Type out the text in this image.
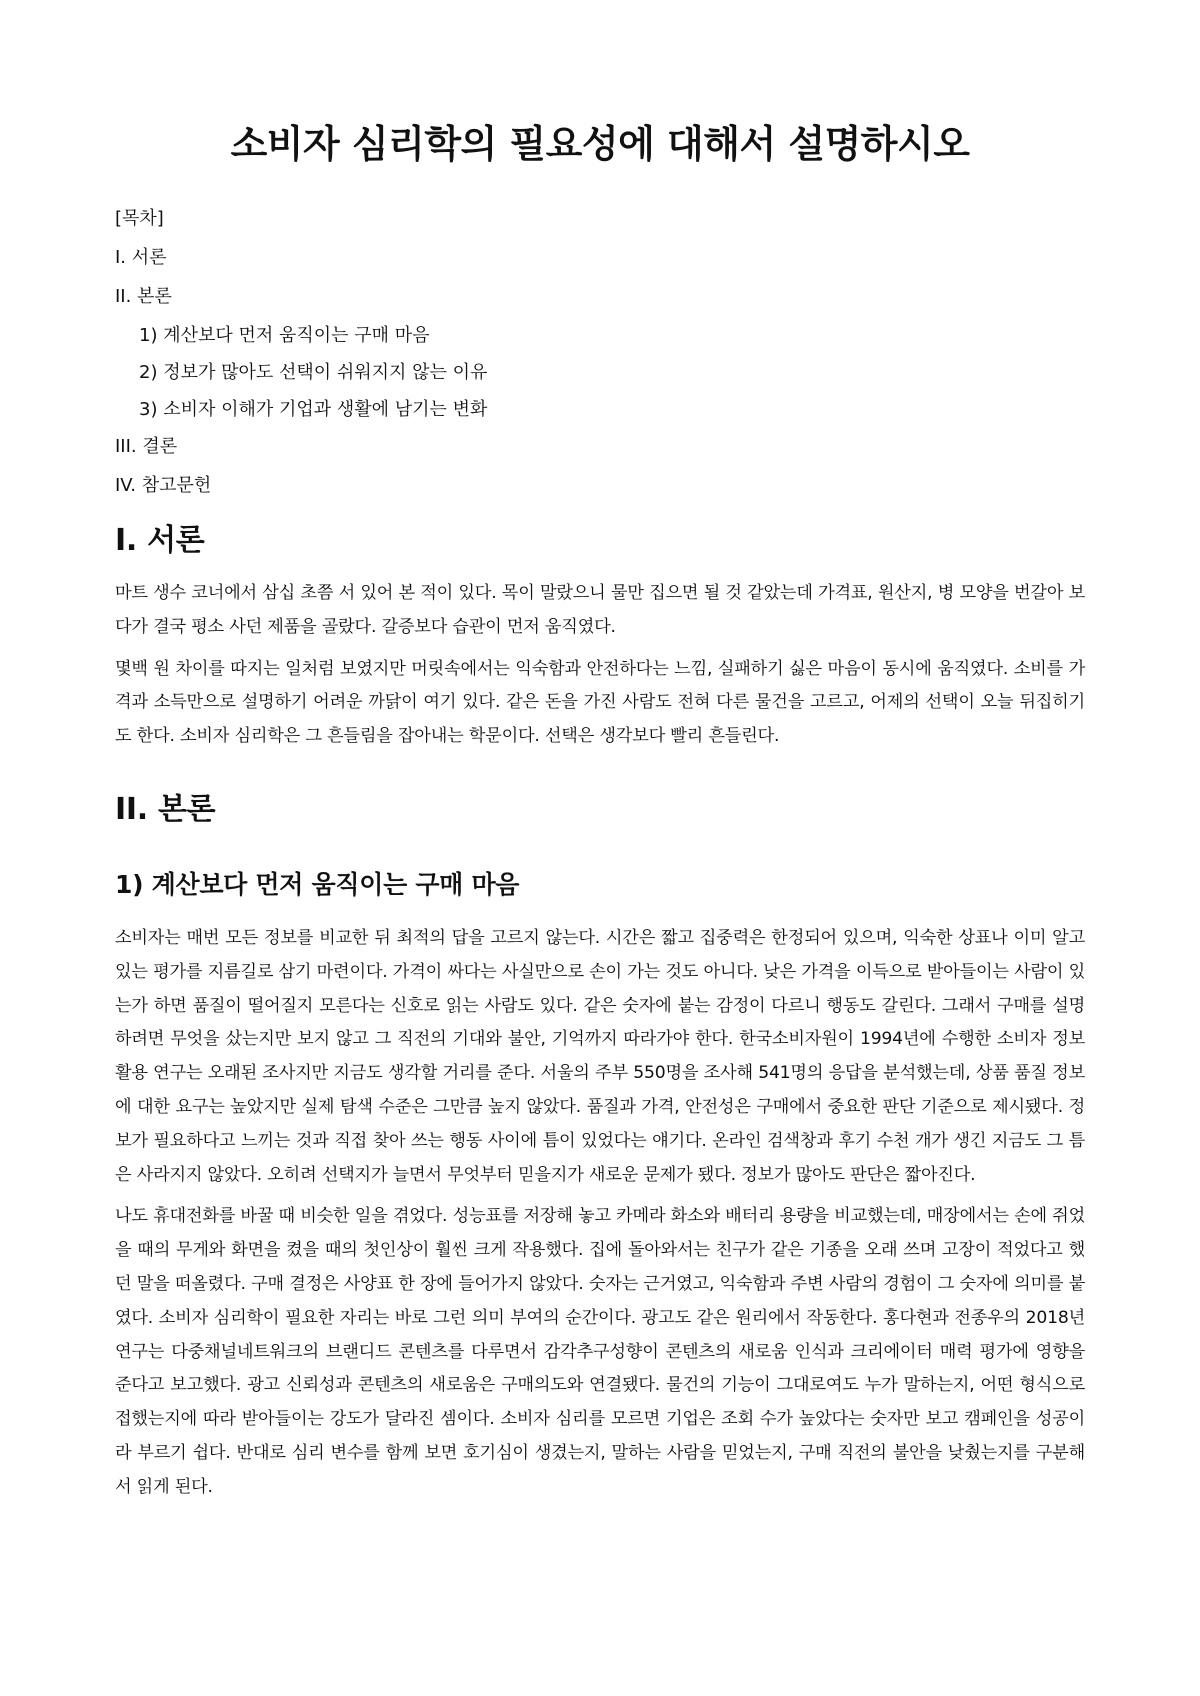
소비자 심리학의 필요성에 대해서 설명하시오
[목차]
I. 서론
II. 본론
1) 계산보다 먼저 움직이는 구매 마음
2) 정보가 많아도 선택이 쉬워지지 않는 이유
3) 소비자 이해가 기업과 생활에 남기는 변화
III. 결론
IV. 참고문헌
I. 서론

마트 생수 코너에서 삼십 초쯤 서 있어 본 적이 있다. 목이 말랐으니 물만 집으면 될 것 같았는데 가격표, 원산지, 병 모양을 번갈아 보다가 결국 평소 사던 제품을 골랐다. 갈증보다 습관이 먼저 움직였다.

몇백 원 차이를 따지는 일처럼 보였지만 머릿속에서는 익숙함과 안전하다는 느낌, 실패하기 싫은 마음이 동시에 움직였다. 소비를 가격과 소득만으로 설명하기 어려운 까닭이 여기 있다. 같은 돈을 가진 사람도 전혀 다른 물건을 고르고, 어제의 선택이 오늘 뒤집히기도 한다. 소비자 심리학은 그 흔들림을 잡아내는 학문이다. 선택은 생각보다 빨리 흔들린다.

II. 본론
1) 계산보다 먼저 움직이는 구매 마음

소비자는 매번 모든 정보를 비교한 뒤 최적의 답을 고르지 않는다. 시간은 짧고 집중력은 한정되어 있으며, 익숙한 상표나 이미 알고 있는 평가를 지름길로 삼기 마련이다. 가격이 싸다는 사실만으로 손이 가는 것도 아니다. 낮은 가격을 이득으로 받아들이는 사람이 있는가 하면 품질이 떨어질지 모른다는 신호로 읽는 사람도 있다. 같은 숫자에 붙는 감정이 다르니 행동도 갈린다. 그래서 구매를 설명하려면 무엇을 샀는지만 보지 않고 그 직전의 기대와 불안, 기억까지 따라가야 한다. 한국소비자원이 1994년에 수행한 소비자 정보 활용 연구는 오래된 조사지만 지금도 생각할 거리를 준다. 서울의 주부 550명을 조사해 541명의 응답을 분석했는데, 상품 품질 정보에 대한 요구는 높았지만 실제 탐색 수준은 그만큼 높지 않았다. 품질과 가격, 안전성은 구매에서 중요한 판단 기준으로 제시됐다. 정보가 필요하다고 느끼는 것과 직접 찾아 쓰는 행동 사이에 틈이 있었다는 얘기다. 온라인 검색창과 후기 수천 개가 생긴 지금도 그 틈은 사라지지 않았다. 오히려 선택지가 늘면서 무엇부터 믿을지가 새로운 문제가 됐다. 정보가 많아도 판단은 짧아진다.

나도 휴대전화를 바꿀 때 비슷한 일을 겪었다. 성능표를 저장해 놓고 카메라 화소와 배터리 용량을 비교했는데, 매장에서는 손에 쥐었을 때의 무게와 화면을 켰을 때의 첫인상이 훨씬 크게 작용했다. 집에 돌아와서는 친구가 같은 기종을 오래 쓰며 고장이 적었다고 했던 말을 떠올렸다. 구매 결정은 사양표 한 장에 들어가지 않았다. 숫자는 근거였고, 익숙함과 주변 사람의 경험이 그 숫자에 의미를 붙였다. 소비자 심리학이 필요한 자리는 바로 그런 의미 부여의 순간이다. 광고도 같은 원리에서 작동한다. 홍다현과 전종우의 2018년 연구는 다중채널네트워크의 브랜디드 콘텐츠를 다루면서 감각추구성향이 콘텐츠의 새로움 인식과 크리에이터 매력 평가에 영향을 준다고 보고했다. 광고 신뢰성과 콘텐츠의 새로움은 구매의도와 연결됐다. 물건의 기능이 그대로여도 누가 말하는지, 어떤 형식으로 접했는지에 따라 받아들이는 강도가 달라진 셈이다. 소비자 심리를 모르면 기업은 조회 수가 높았다는 숫자만 보고 캠페인을 성공이라 부르기 쉽다. 반대로 심리 변수를 함께 보면 호기심이 생겼는지, 말하는 사람을 믿었는지, 구매 직전의 불안을 낮췄는지를 구분해서 읽게 된다.
